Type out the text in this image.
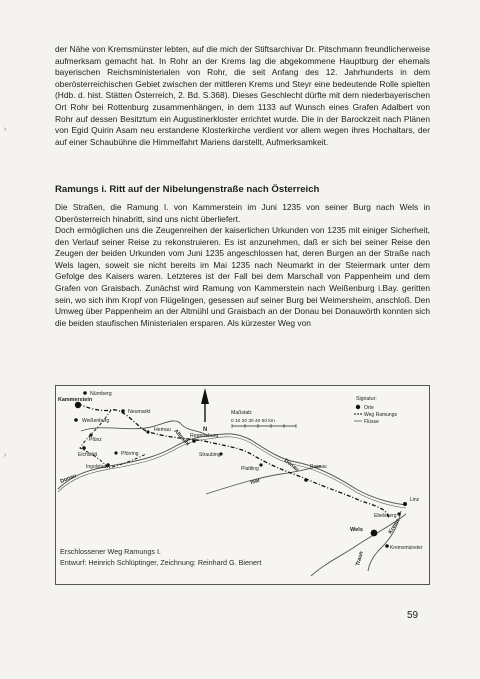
›
›

der Nähe von Kremsmünster lebten, auf die mich der Stiftsarchivar Dr. Pitschmann freundlicherweise aufmerksam gemacht hat. In Rohr an der Krems lag die abgekommene Hauptburg der ehemals bayerischen Reichsministerialen von Rohr, die seit Anfang des 12. Jahrhunderts in dem oberösterreichischen Gebiet zwischen der mittleren Krems und Steyr eine bedeutende Rolle spielten (Hdb. d. hist. Stätten Österreich, 2. Bd. S.368). Dieses Geschlecht dürfte mit dem niederbayerischen Ort Rohr bei Rottenburg zusammenhängen, in dem 1133 auf Wunsch eines Grafen Adalbert von Rohr auf dessen Besitztum ein Augustinerkloster errichtet wurde. Die in der Barockzeit nach Plänen von Egid Quirin Asam neu erstandene Klosterkirche verdient vor allem wegen ihres Hochaltars, der auf einer Schaubühne die Himmelfahrt Mariens darstellt, Aufmerksamkeit.

Ramungs i. Ritt auf der Nibelungenstraße nach Österreich

Die Straßen, die Ramung I. von Kammerstein im Juni 1235 von seiner Burg nach Wels in Oberösterreich hinabritt, sind uns nicht überliefert.

Doch ermöglichen uns die Zeugenreihen der kaiserlichen Urkunden von 1235 mit einiger Sicherheit, den Verlauf seiner Reise zu rekonstruieren. Es ist anzunehmen, daß er sich bei seiner Reise den Zeugen der beiden Urkunden vom Juni 1235 angeschlossen hat, deren Burgen an der Straße nach Wels lagen, soweit sie nicht bereits im Mai 1235 nach Neumarkt in der Steiermark unter dem Gefolge des Kaisers waren. Letzteres ist der Fall bei dem Marschall von Pappenheim und dem Grafen von Graisbach. Zunächst wird Ramung von Kammerstein nach Weißenburg i.Bay. geritten sein, wo sich ihm Kropf von Flügelingen, gesessen auf seiner Burg bei Weimersheim, anschloß. Den Umweg über Pappenheim an der Altmühl und Graisbach an der Donau bei Donauwörth konnten sich die beiden staufischen Ministerialen ersparen. Als kürzester Weg von

N
Maßstab:
0 10 20 30 40 50 km
Signatur:
Orte
Weg Ramungs
Flüsse
Nürnberg
Kammerstein
Neumarkt
Hemau
Regensburg
Weißenburg
Pfünz
Eichstätt	Pförring
Ingolstadt
Straubing
Plattling	Passau
Linz
Ebelsberg
Wels
Kremsmünster
Donau
Altmühl
Donau
Isar
Krems
Traun
Erschlossener Weg Ramungs I.
Entwurf: Heinrich Schlüptinger, Zeichnung: Reinhard G. Bienert
59
